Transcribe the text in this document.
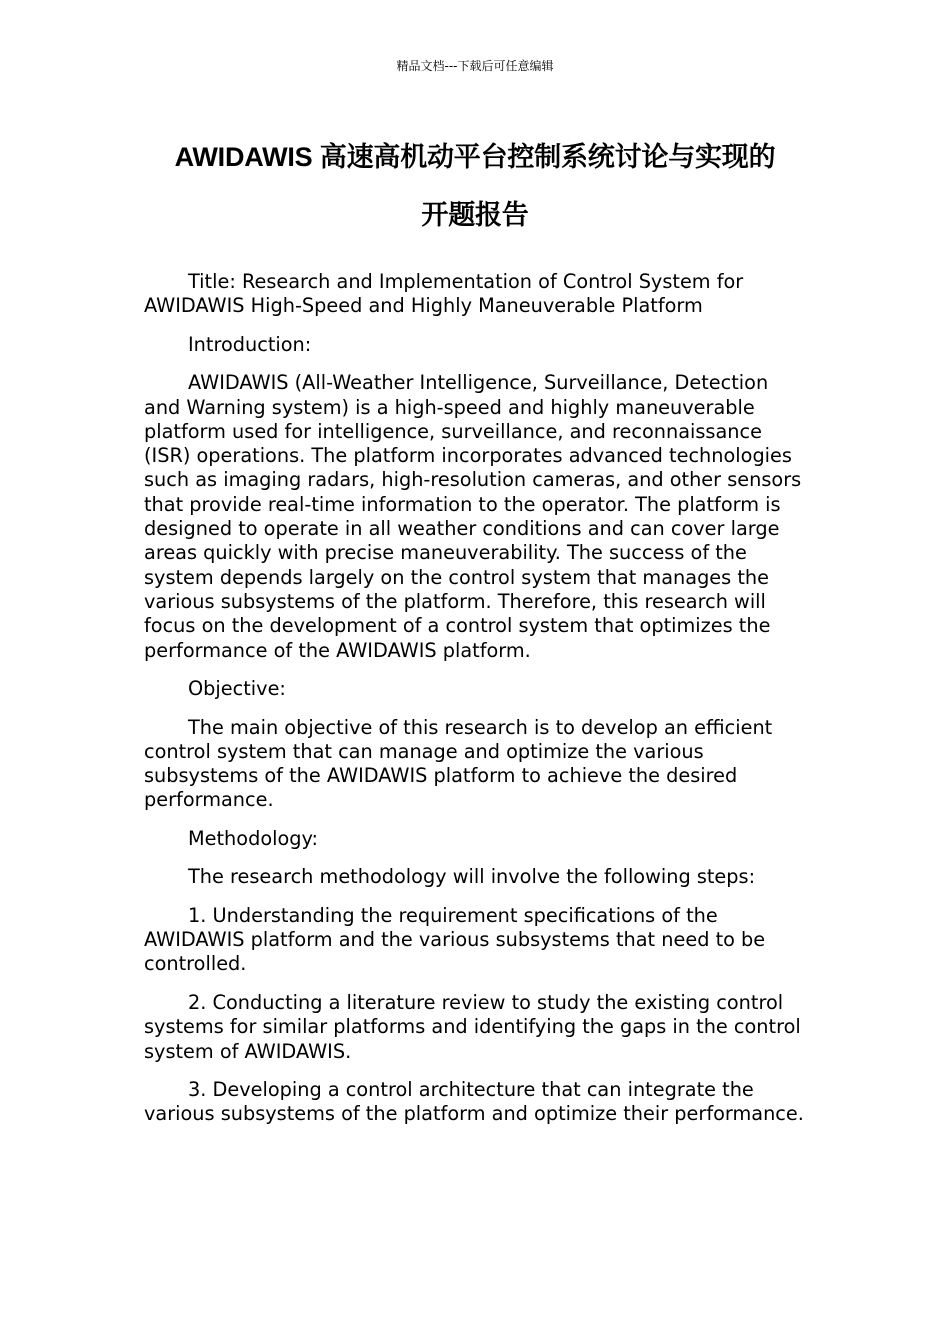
精品文档---下载后可任意编辑
AWIDAWIS 高速高机动平台控制系统讨论与实现的
开题报告

Title: Research and Implementation of Control System for AWIDAWIS High-Speed and Highly Maneuverable Platform

Introduction:

AWIDAWIS (All-Weather Intelligence, Surveillance, Detection and Warning system) is a high-speed and highly maneuverable platform used for intelligence, surveillance, and reconnaissance (ISR) operations. The platform incorporates advanced technologies such as imaging radars, high-resolution cameras, and other sensors that provide real-time information to the operator. The platform is designed to operate in all weather conditions and can cover large areas quickly with precise maneuverability. The success of the system depends largely on the control system that manages the various subsystems of the platform. Therefore, this research will focus on the development of a control system that optimizes the performance of the AWIDAWIS platform.

Objective:

The main objective of this research is to develop an efficient control system that can manage and optimize the various subsystems of the AWIDAWIS platform to achieve the desired performance.

Methodology:

The research methodology will involve the following steps:

1. Understanding the requirement specifications of the AWIDAWIS platform and the various subsystems that need to be controlled.

2. Conducting a literature review to study the existing control systems for similar platforms and identifying the gaps in the control system of AWIDAWIS.

3. Developing a control architecture that can integrate the various subsystems of the platform and optimize their performance.
